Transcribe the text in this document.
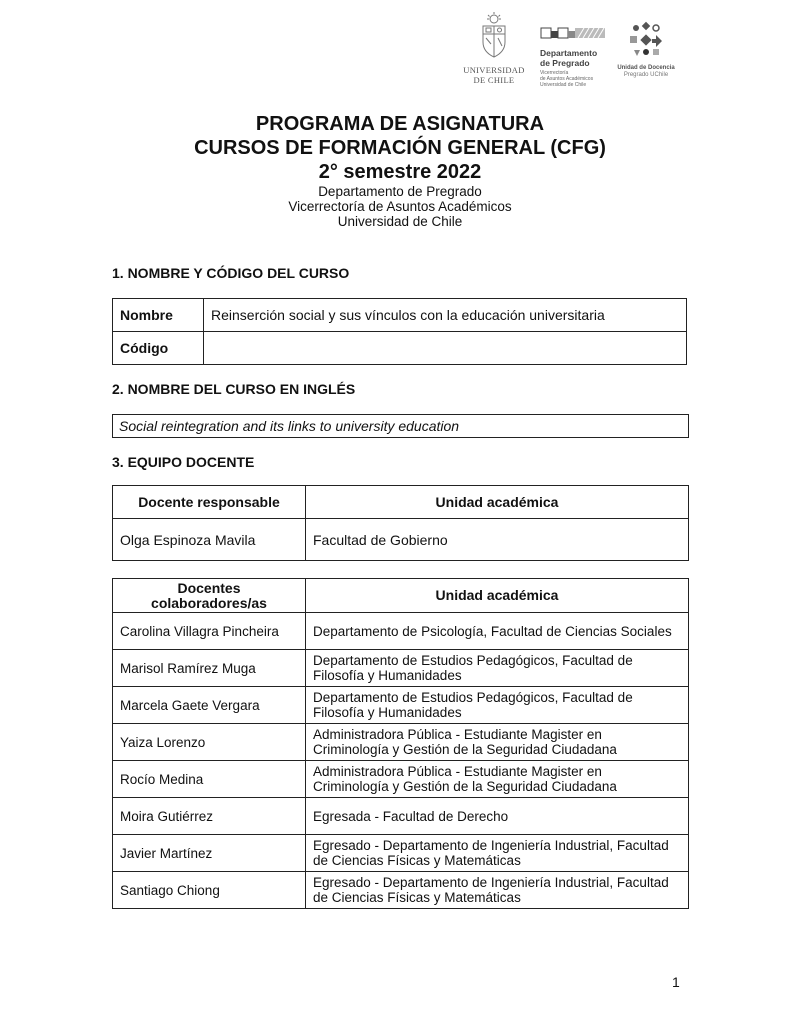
UNIVERSIDAD
DE CHILE
Departamento
de Pregrado
Vicerrectoría
de Asuntos Académicos
Universidad de Chile
Unidad de Docencia
Pregrado UChile
PROGRAMA DE ASIGNATURA
CURSOS DE FORMACIÓN GENERAL (CFG)
2° semestre 2022
Departamento de Pregrado
Vicerrectoría de Asuntos Académicos
Universidad de Chile
1. NOMBRE Y CÓDIGO DEL CURSO
Nombre	Reinserción social y sus vínculos con la educación universitaria
Código	
2. NOMBRE DEL CURSO EN INGLÉS
Social reintegration and its links to university education
3. EQUIPO DOCENTE
Docente responsable	Unidad académica
Olga Espinoza Mavila	Facultad de Gobierno
Docentes
colaboradores/as	Unidad académica
Carolina Villagra Pincheira	Departamento de Psicología, Facultad de Ciencias Sociales

Marisol Ramírez Muga	Departamento de Estudios Pedagógicos, Facultad de
Filosofía y Humanidades

Marcela Gaete Vergara	Departamento de Estudios Pedagógicos, Facultad de
Filosofía y Humanidades

Yaiza Lorenzo	Administradora Pública - Estudiante Magister en
Criminología y Gestión de la Seguridad Ciudadana

Rocío Medina	Administradora Pública - Estudiante Magister en
Criminología y Gestión de la Seguridad Ciudadana

Moira Gutiérrez	Egresada - Facultad de Derecho

Javier Martínez	Egresado - Departamento de Ingeniería Industrial, Facultad
de Ciencias Físicas y Matemáticas

Santiago Chiong	Egresado - Departamento de Ingeniería Industrial, Facultad
de Ciencias Físicas y Matemáticas
1
